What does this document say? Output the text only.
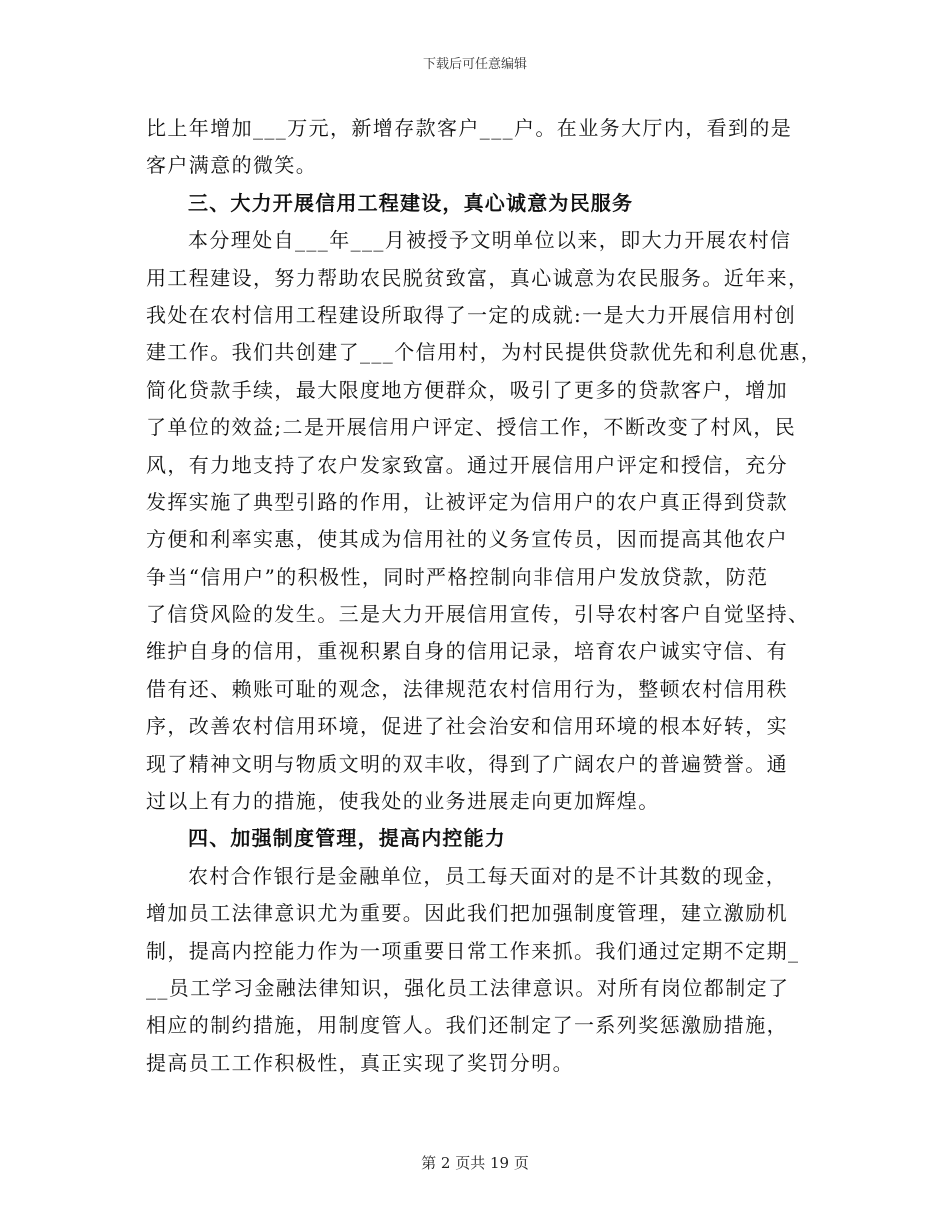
下载后可任意编辑
比上年增加___万元，新增存款客户___户。在业务大厅内，看到的是
客户满意的微笑。
三、大力开展信用工程建设，真心诚意为民服务
本分理处自___年___月被授予文明单位以来，即大力开展农村信
用工程建设，努力帮助农民脱贫致富，真心诚意为农民服务。近年来，
我处在农村信用工程建设所取得了一定的成就:一是大力开展信用村创
建工作。我们共创建了___个信用村，为村民提供贷款优先和利息优惠，
简化贷款手续，最大限度地方便群众，吸引了更多的贷款客户，增加
了单位的效益;二是开展信用户评定、授信工作，不断改变了村风，民
风，有力地支持了农户发家致富。通过开展信用户评定和授信，充分
发挥实施了典型引路的作用，让被评定为信用户的农户真正得到贷款
方便和利率实惠，使其成为信用社的义务宣传员，因而提高其他农户
争当“信用户”的积极性，同时严格控制向非信用户发放贷款，防范
了信贷风险的发生。三是大力开展信用宣传，引导农村客户自觉坚持、
维护自身的信用，重视积累自身的信用记录，培育农户诚实守信、有
借有还、赖账可耻的观念，法律规范农村信用行为，整顿农村信用秩
序，改善农村信用环境，促进了社会治安和信用环境的根本好转，实
现了精神文明与物质文明的双丰收，得到了广阔农户的普遍赞誉。通
过以上有力的措施，使我处的业务进展走向更加辉煌。
四、加强制度管理，提高内控能力
农村合作银行是金融单位，员工每天面对的是不计其数的现金，
增加员工法律意识尤为重要。因此我们把加强制度管理，建立激励机
制，提高内控能力作为一项重要日常工作来抓。我们通过定期不定期_
__员工学习金融法律知识，强化员工法律意识。对所有岗位都制定了
相应的制约措施，用制度管人。我们还制定了一系列奖惩激励措施，
提高员工工作积极性，真正实现了奖罚分明。
第 2 页共 19 页
